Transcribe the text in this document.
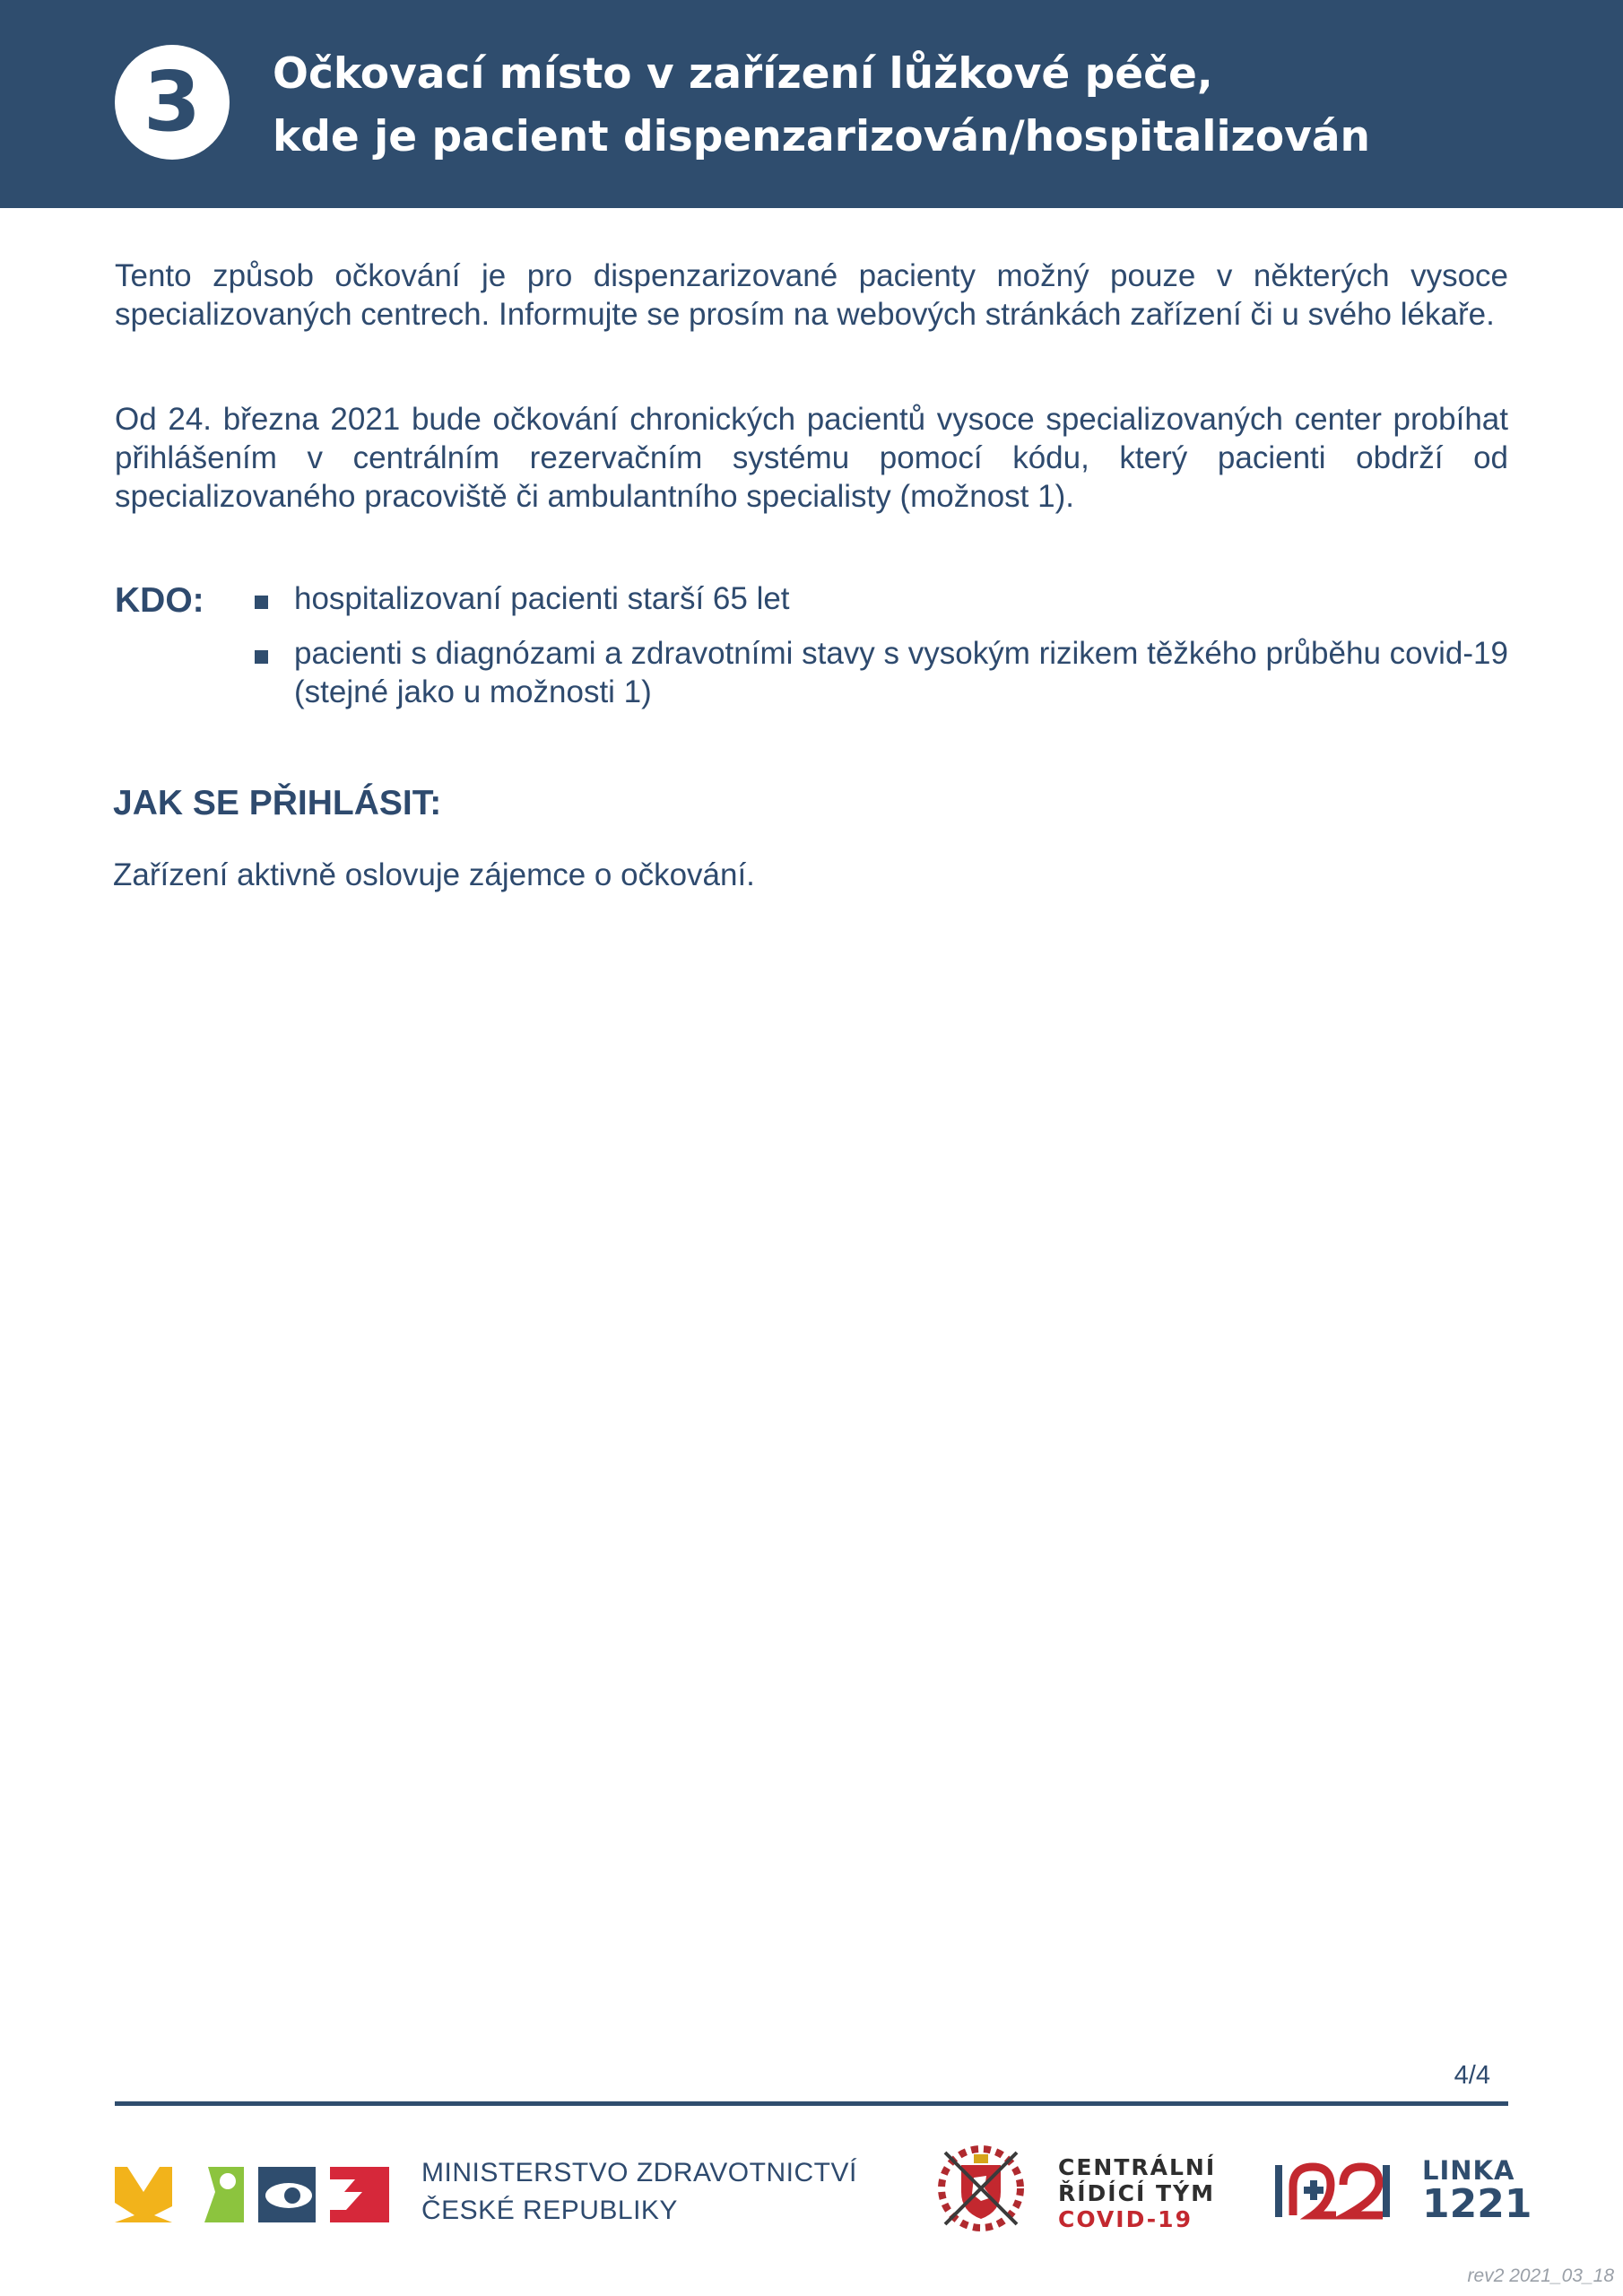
3	Očkovací místo v zařízení lůžkové péče,
kde je pacient dispenzarizován/hospitalizován

Tento způsob očkování je pro dispenzarizované pacienty možný pouze v některých vysoce specializovaných centrech. Informujte se prosím na webových stránkách zařízení či u svého lékaře.

Od 24. března 2021 bude očkování chronických pacientů vysoce specializovaných center probíhat přihlášením v centrálním rezervačním systému pomocí kódu, který pacienti obdrží od specializovaného pracoviště či ambulantního specialisty (možnost 1).

KDO:	hospitalizovaní pacienti starší 65 let
pacienti s diagnózami a zdravotními stavy s vysokým rizikem těžkého průběhu covid-19 (stejné jako u možnosti 1)
JAK SE PŘIHLÁSIT:
Zařízení aktivně oslovuje zájemce o očkování.
4/4
MINISTERSTVO ZDRAVOTNICTVÍ
ČESKÉ REPUBLIKY
CENTRÁLNÍ
ŘÍDÍCÍ TÝM
COVID-19
LINKA
1221
rev2 2021_03_18
